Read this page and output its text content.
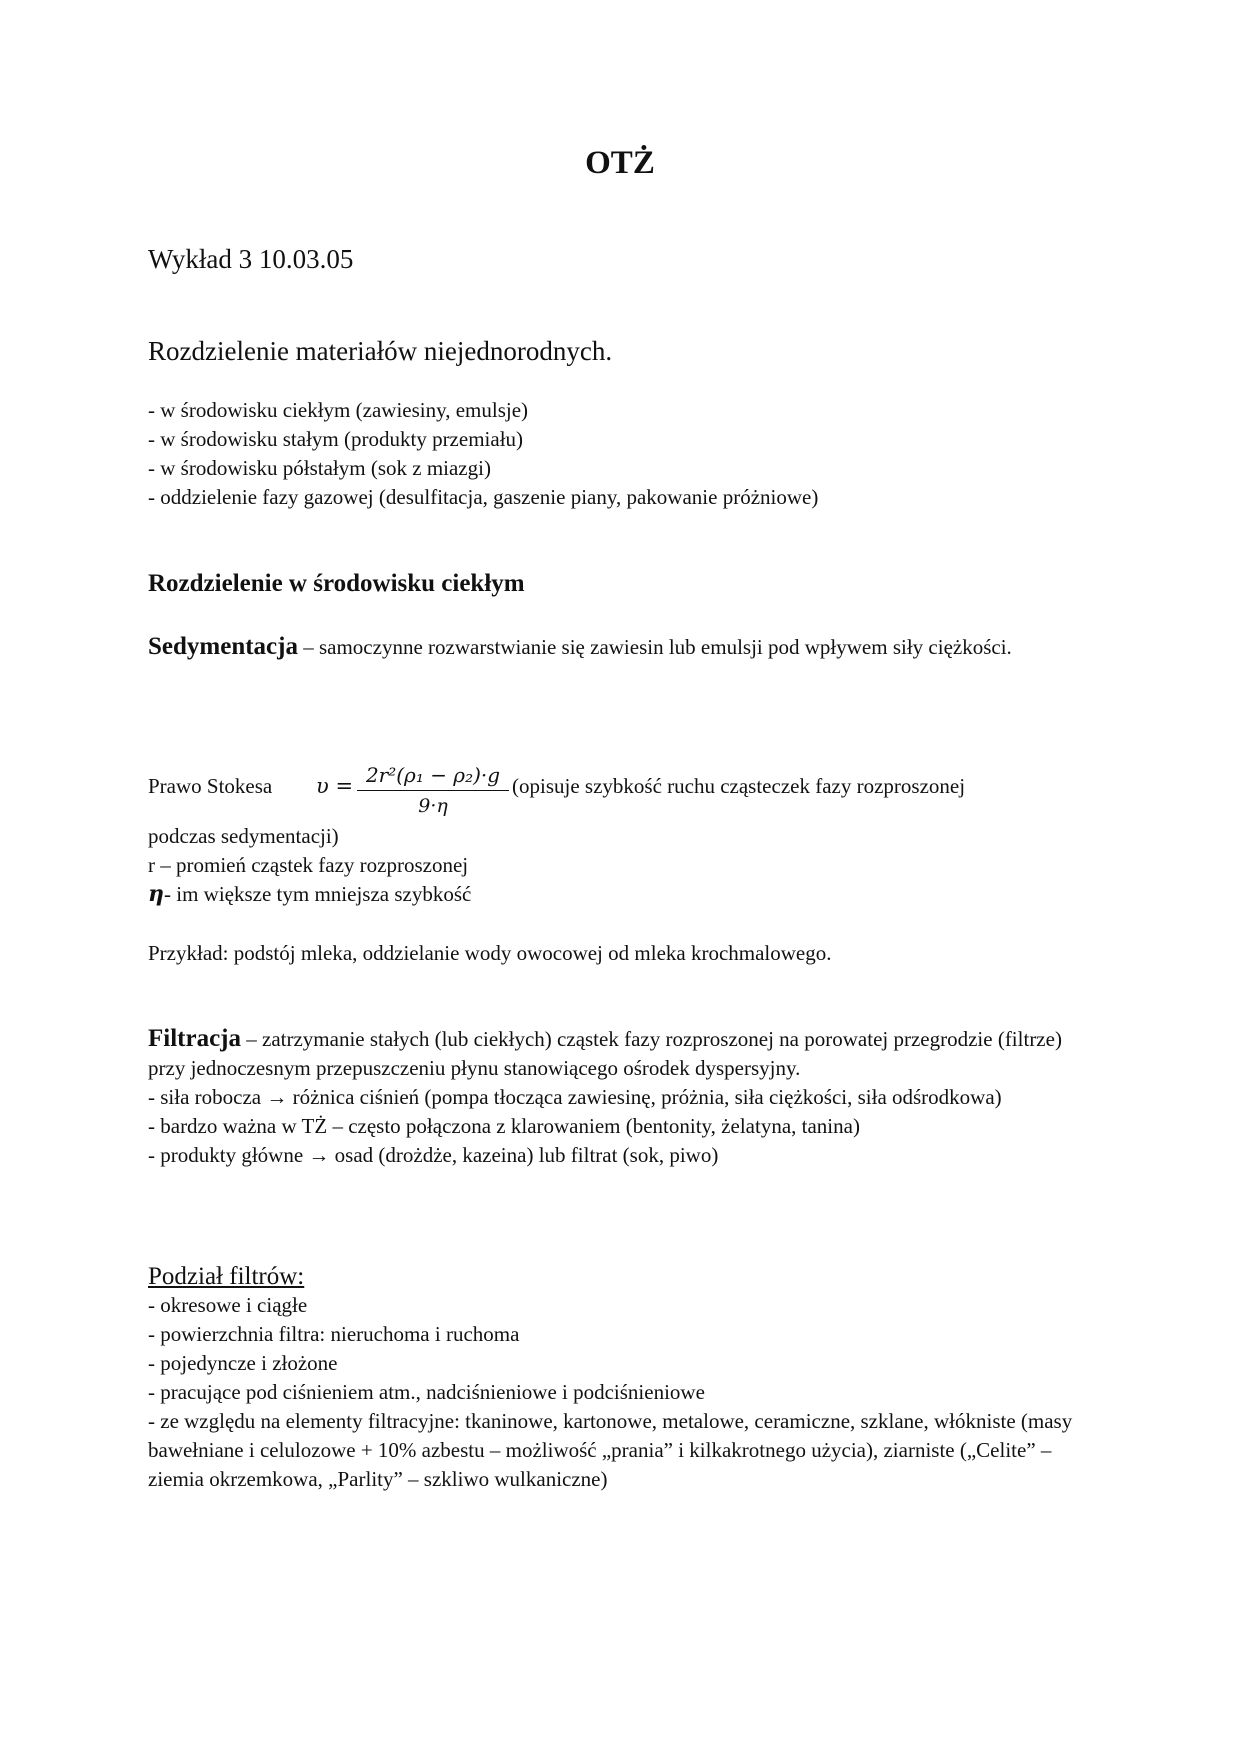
OTŻ
Wykład 3 10.03.05
Rozdzielenie materiałów niejednorodnych.
- w środowisku ciekłym (zawiesiny, emulsje)
- w środowisku stałym (produkty przemiału)
- w środowisku półstałym (sok z miazgi)
- oddzielenie fazy gazowej (desulfitacja, gaszenie piany, pakowanie próżniowe)
Rozdzielenie w środowisku ciekłym
Sedymentacja – samoczynne rozwarstwianie się zawiesin lub emulsji pod wpływem siły ciężkości.
Prawo Stokesa υ = 2r²(ρ₁ − ρ₂)·g
9·η
(opisuje szybkość ruchu cząsteczek fazy rozproszonej
podczas sedymentacji)
r – promień cząstek fazy rozproszonej
η- im większe tym mniejsza szybkość
Przykład: podstój mleka, oddzielanie wody owocowej od mleka krochmalowego.
Filtracja – zatrzymanie stałych (lub ciekłych) cząstek fazy rozproszonej na porowatej przegrodzie (filtrze) przy jednoczesnym przepuszczeniu płynu stanowiącego ośrodek dyspersyjny.
- siła robocza → różnica ciśnień (pompa tłocząca zawiesinę, próżnia, siła ciężkości, siła odśrodkowa)
- bardzo ważna w TŻ – często połączona z klarowaniem (bentonity, żelatyna, tanina)
- produkty główne → osad (drożdże, kazeina) lub filtrat (sok, piwo)
Podział filtrów:
- okresowe i ciągłe
- powierzchnia filtra: nieruchoma i ruchoma
- pojedyncze i złożone
- pracujące pod ciśnieniem atm., nadciśnieniowe i podciśnieniowe
- ze względu na elementy filtracyjne: tkaninowe, kartonowe, metalowe, ceramiczne, szklane, włókniste (masy bawełniane i celulozowe + 10% azbestu – możliwość „prania” i kilkakrotnego użycia), ziarniste („Celite” – ziemia okrzemkowa, „Parlity” – szkliwo wulkaniczne)
